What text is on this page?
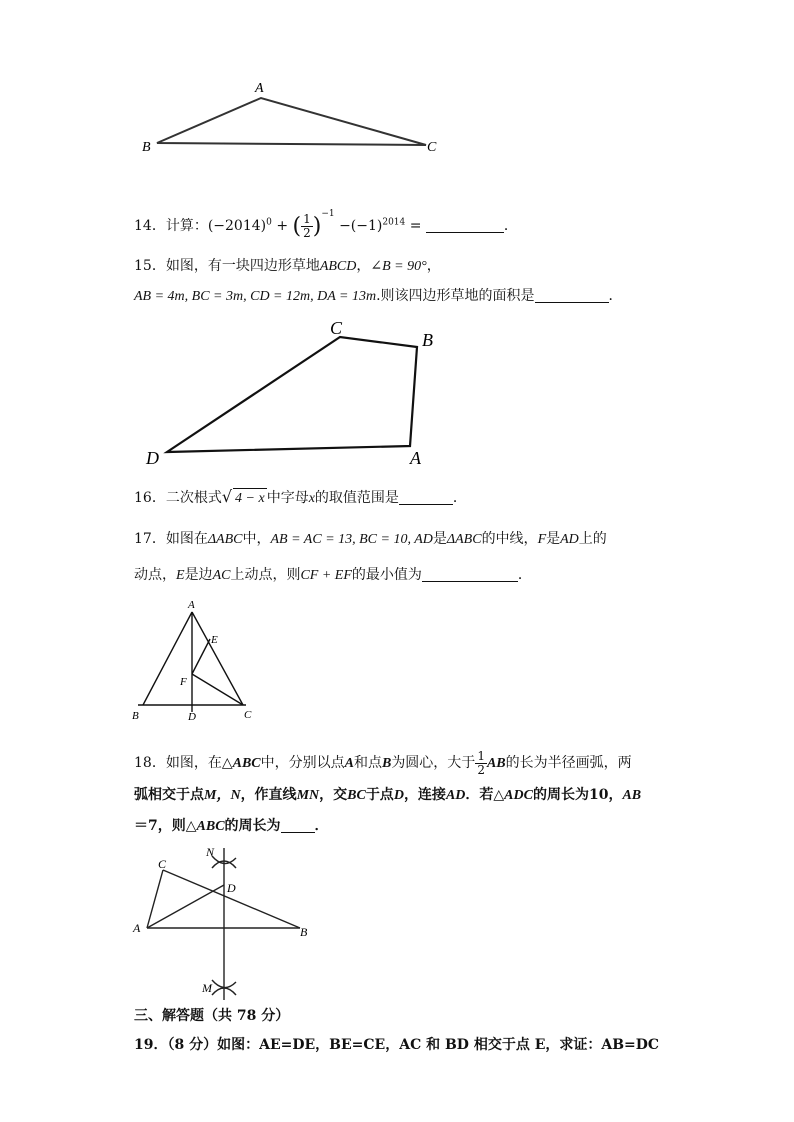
A
B	C
14．计算：$(-2014)^0$ + ( $\frac{1}{2} )^{-1} -(-1)^{2014}$ =	．
15．如图，有一块四边形草地ABCD，∠B = 90°，
AB = 4m, BC = 3m, CD = 12m, DA = 13m.则该四边形草地的面积是	．
C
B
D	A
16．二次根式√ 4 − x 中字母x的取值范围是	．
17．如图在ΔABC中，AB = AC = 13, BC = 10, AD是ΔABC的中线，F是AD上的
动点，E是边AC上动点，则CF + EF的最小值为	．
A
E
F
B	D	C
18．如图，在△ABC中，分别以点A和点B为圆心，大于 $\frac{1}{2}$ AB的长为半径画弧，两
弧相交于点M，N，作直线MN，交BC于点D，连接AD．若△ADC的周长为10，AB
＝7，则△ABC的周长为 ．
N
C
D
A	B
M
三、解答题（共 78 分）
19．（8 分）如图：AE=DE，BE=CE，AC 和 BD 相交于点 E，求证：AB=DC
